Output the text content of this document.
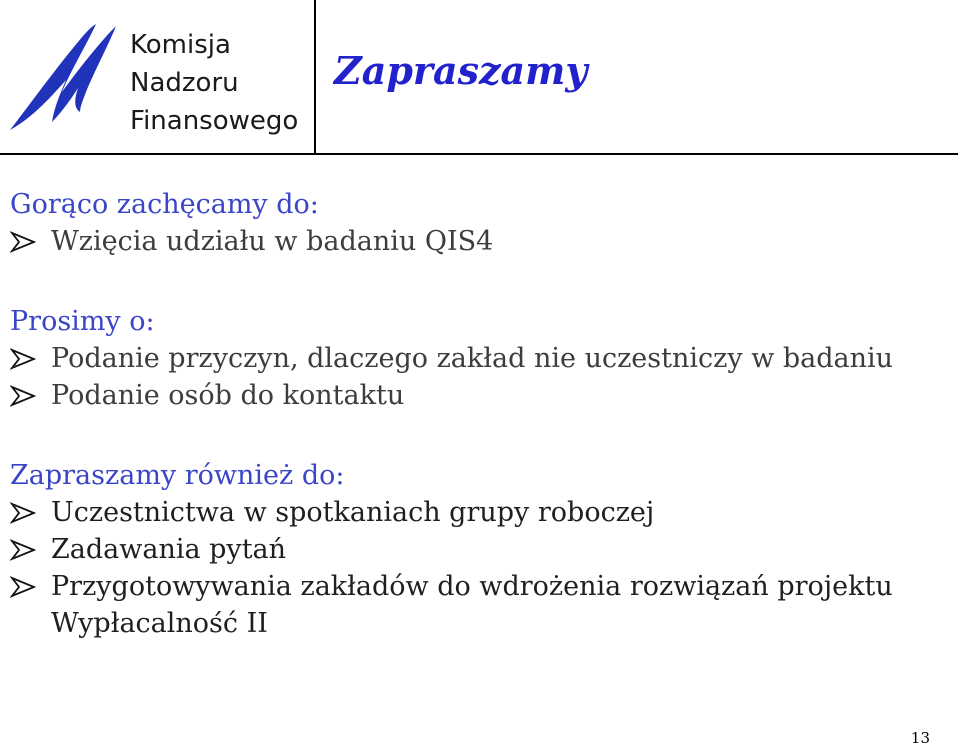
Komisja
Nadzoru
Finansowego
Zapraszamy
Gorąco zachęcamy do:
Wzięcia udziału w badaniu QIS4
Prosimy o:
Podanie przyczyn, dlaczego zakład nie uczestniczy w badaniu
Podanie osób do kontaktu
Zapraszamy również do:
Uczestnictwa w spotkaniach grupy roboczej
Zadawania pytań
Przygotowywania zakładów do wdrożenia rozwiązań projektu
Wypłacalność II
13
